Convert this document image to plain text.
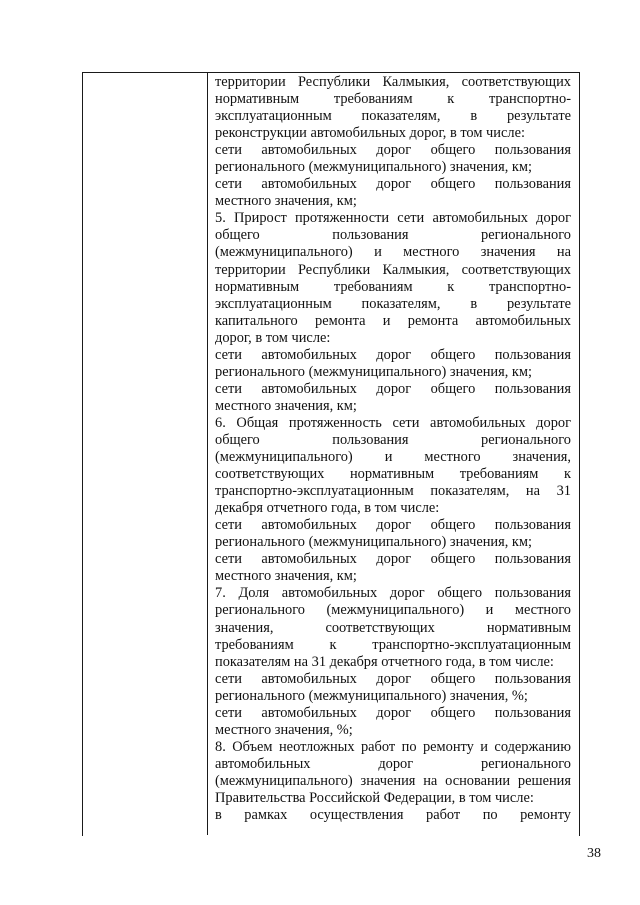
территории Республики Калмыкия, соответствующих
нормативным требованиям к транспортно-
эксплуатационным показателям, в результате
реконструкции автомобильных дорог, в том числе:
сети автомобильных дорог общего пользования
регионального (межмуниципального) значения, км;
сети автомобильных дорог общего пользования
местного значения, км;
5. Прирост протяженности сети автомобильных дорог
общего пользования регионального
(межмуниципального) и местного значения на
территории Республики Калмыкия, соответствующих
нормативным требованиям к транспортно-
эксплуатационным показателям, в результате
капитального ремонта и ремонта автомобильных
дорог, в том числе:
сети автомобильных дорог общего пользования
регионального (межмуниципального) значения, км;
сети автомобильных дорог общего пользования
местного значения, км;
6. Общая протяженность сети автомобильных дорог
общего пользования регионального
(межмуниципального) и местного значения,
соответствующих нормативным требованиям к
транспортно-эксплуатационным показателям, на 31
декабря отчетного года, в том числе:
сети автомобильных дорог общего пользования
регионального (межмуниципального) значения, км;
сети автомобильных дорог общего пользования
местного значения, км;
7. Доля автомобильных дорог общего пользования
регионального (межмуниципального) и местного
значения, соответствующих нормативным
требованиям к транспортно-эксплуатационным
показателям на 31 декабря отчетного года, в том числе:
сети автомобильных дорог общего пользования
регионального (межмуниципального) значения, %;
сети автомобильных дорог общего пользования
местного значения, %;
8. Объем неотложных работ по ремонту и содержанию
автомобильных дорог регионального
(межмуниципального) значения на основании решения
Правительства Российской Федерации, в том числе:
в рамках осуществления работ по ремонту
38
